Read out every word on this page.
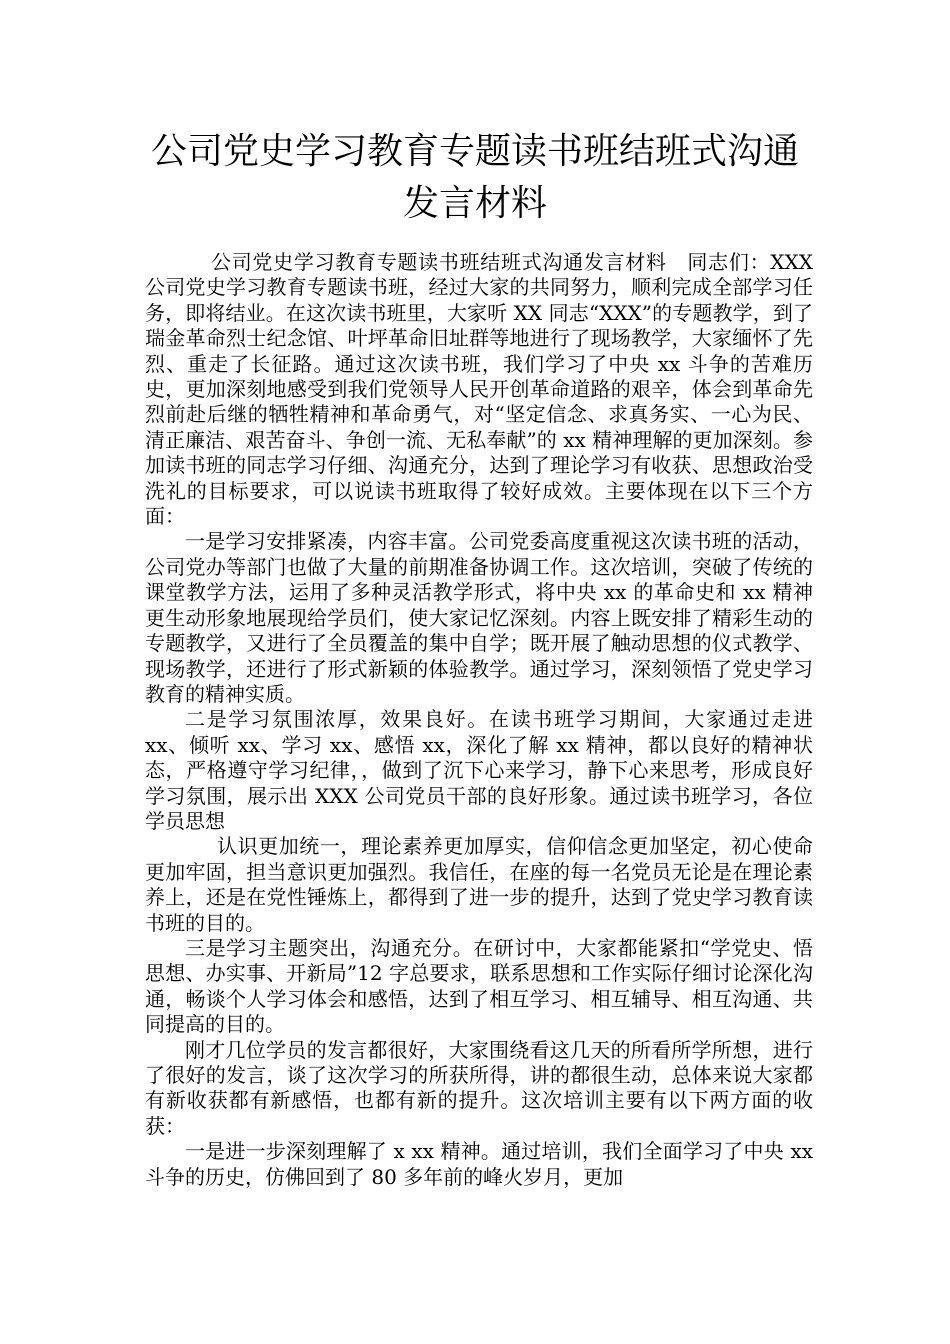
公司党史学习教育专题读书班结班式沟通
发言材料

公司党史学习教育专题读书班结班式沟通发言材料　同志们：XXX 公司党史学习教育专题读书班，经过大家的共同努力，顺利完成全部学习任务，即将结业。在这次读书班里，大家听 XX 同志“XXX”的专题教学，到了瑞金革命烈士纪念馆、叶坪革命旧址群等地进行了现场教学，大家缅怀了先烈、重走了长征路。通过这次读书班，我们学习了中央 xx 斗争的苦难历史，更加深刻地感受到我们党领导人民开创革命道路的艰辛，体会到革命先烈前赴后继的牺牲精神和革命勇气，对“坚定信念、求真务实、一心为民、清正廉洁、艰苦奋斗、争创一流、无私奉献”的 xx 精神理解的更加深刻。参加读书班的同志学习仔细、沟通充分，达到了理论学习有收获、思想政治受洗礼的目标要求，可以说读书班取得了较好成效。主要体现在以下三个方面：

一是学习安排紧凑，内容丰富。公司党委高度重视这次读书班的活动，公司党办等部门也做了大量的前期准备协调工作。这次培训，突破了传统的课堂教学方法，运用了多种灵活教学形式，将中央 xx 的革命史和 xx 精神更生动形象地展现给学员们，使大家记忆深刻。内容上既安排了精彩生动的专题教学，又进行了全员覆盖的集中自学；既开展了触动思想的仪式教学、现场教学，还进行了形式新颖的体验教学。通过学习，深刻领悟了党史学习教育的精神实质。

二是学习氛围浓厚，效果良好。在读书班学习期间，大家通过走进 xx、倾听 xx、学习 xx、感悟 xx，深化了解 xx 精神，都以良好的精神状态，严格遵守学习纪律，，做到了沉下心来学习，静下心来思考，形成良好学习氛围，展示出 XXX 公司党员干部的良好形象。通过读书班学习，各位学员思想

认识更加统一，理论素养更加厚实，信仰信念更加坚定，初心使命更加牢固，担当意识更加强烈。我信任，在座的每一名党员无论是在理论素养上，还是在党性锤炼上，都得到了进一步的提升，达到了党史学习教育读书班的目的。

三是学习主题突出，沟通充分。在研讨中，大家都能紧扣“学党史、悟思想、办实事、开新局”12 字总要求，联系思想和工作实际仔细讨论深化沟通，畅谈个人学习体会和感悟，达到了相互学习、相互辅导、相互沟通、共同提高的目的。

刚才几位学员的发言都很好，大家围绕看这几天的所看所学所想，进行了很好的发言，谈了这次学习的所获所得，讲的都很生动，总体来说大家都有新收获都有新感悟，也都有新的提升。这次培训主要有以下两方面的收获：

一是进一步深刻理解了 x xx 精神。通过培训，我们全面学习了中央 xx 斗争的历史，仿佛回到了 80 多年前的峰火岁月，更加
